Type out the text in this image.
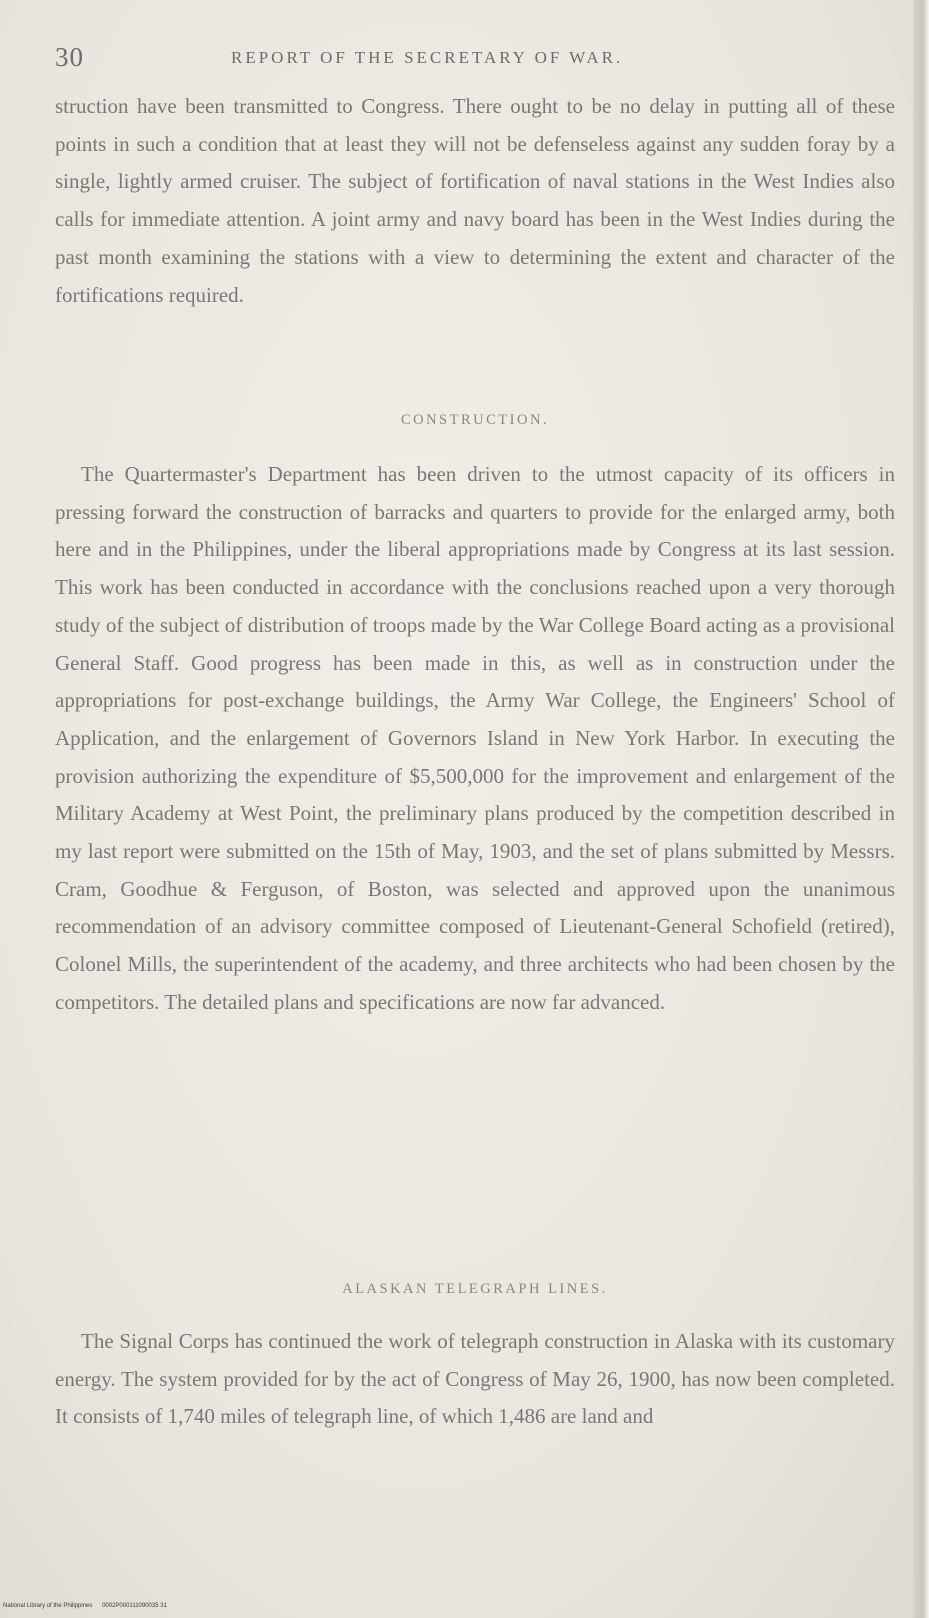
30	REPORT OF THE SECRETARY OF WAR.

struction have been transmitted to Congress. There ought to be no delay in putting all of these points in such a condition that at least they will not be defenseless against any sudden foray by a single, lightly armed cruiser. The subject of fortification of naval stations in the West Indies also calls for immediate attention. A joint army and navy board has been in the West Indies during the past month examining the stations with a view to determining the extent and character of the fortifications required.

CONSTRUCTION.

The Quartermaster's Department has been driven to the utmost capacity of its officers in pressing forward the construction of barracks and quarters to provide for the enlarged army, both here and in the Philippines, under the liberal appropriations made by Congress at its last session. This work has been conducted in accordance with the conclusions reached upon a very thorough study of the subject of distribution of troops made by the War College Board acting as a provisional General Staff. Good progress has been made in this, as well as in construction under the appropriations for post-exchange buildings, the Army War College, the Engineers' School of Application, and the enlargement of Governors Island in New York Harbor. In executing the provision authorizing the expenditure of $5,500,000 for the improvement and enlargement of the Military Academy at West Point, the preliminary plans produced by the competition described in my last report were submitted on the 15th of May, 1903, and the set of plans submitted by Messrs. Cram, Goodhue & Ferguson, of Boston, was selected and approved upon the unanimous recommendation of an advisory committee composed of Lieutenant-General Schofield (retired), Colonel Mills, the superintendent of the academy, and three architects who had been chosen by the competitors. The detailed plans and specifications are now far advanced.

ALASKAN TELEGRAPH LINES.

The Signal Corps has continued the work of telegraph construction in Alaska with its customary energy. The system provided for by the act of Congress of May 26, 1900, has now been completed. It consists of 1,740 miles of telegraph line, of which 1,486 are land and

National Library of the Philippines 0002P000111090035 31
